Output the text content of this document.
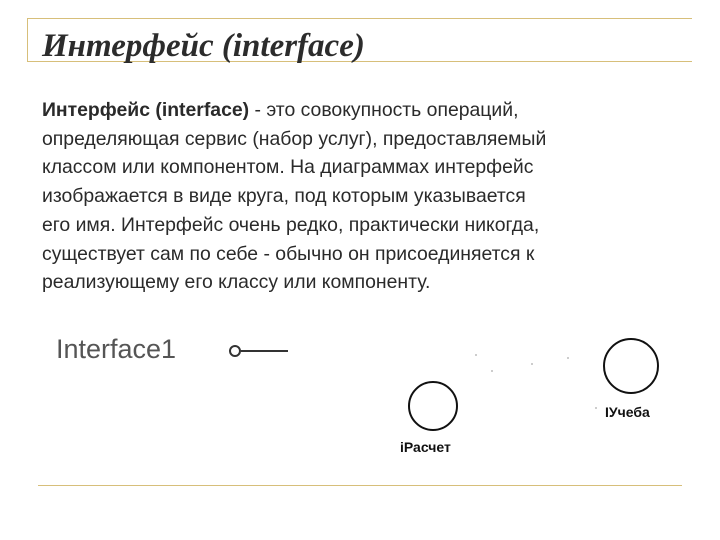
Интерфейс (interface)

Интерфейс (interface) - это совокупность операций,
определяющая сервис (набор услуг), предоставляемый
классом или компонентом. На диаграммах интерфейс
изображается в виде круга, под которым указывается
его имя. Интерфейс очень редко, практически никогда,
существует сам по себе - обычно он присоединяется к
реализующему его классу или компоненту.

Interface1
IУчеба
iРасчет
